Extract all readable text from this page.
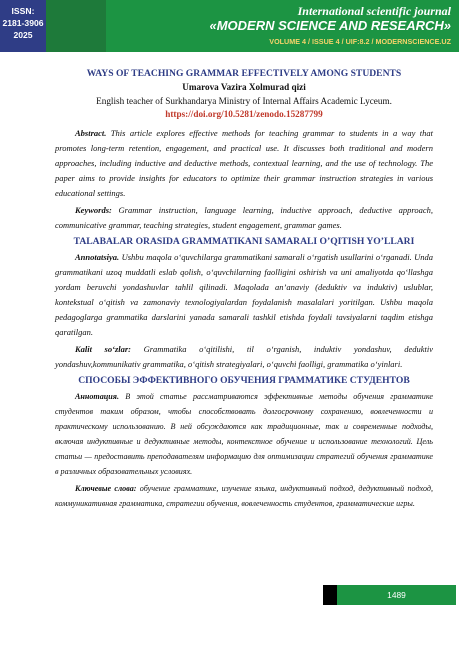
ISSN:
2181-3906
2025
International scientific journal
«MODERN SCIENCE AND RESEARCH»
VOLUME 4 / ISSUE 4 / UIF:8.2 / MODERNSCIENCE.UZ
WAYS OF TEACHING GRAMMAR EFFECTIVELY AMONG STUDENTS
Umarova Vazira Xolmurad qizi
English teacher of Surkhandarya Ministry of Internal Affairs Academic Lyceum.
https://doi.org/10.5281/zenodo.15287799

Abstract. This article explores effective methods for teaching grammar to students in a way that promotes long-term retention, engagement, and practical use. It discusses both traditional and modern approaches, including inductive and deductive methods, contextual learning, and the use of technology. The paper aims to provide insights for educators to optimize their grammar instruction strategies in various educational settings.

Keywords: Grammar instruction, language learning, inductive approach, deductive approach, communicative grammar, teaching strategies, student engagement, grammar games.

TALABALAR ORASIDA GRAMMATIKANI SAMARALI O’QITISH YO’LLARI

Annotatsiya. Ushbu maqola o‘quvchilarga grammatikani samarali o‘rgatish usullarini o‘rganadi. Unda grammatikani uzoq muddatli eslab qolish, o‘quvchilarning faolligini oshirish va uni amaliyotda qo‘llashga yordam beruvchi yondashuvlar tahlil qilinadi. Maqolada an’anaviy (deduktiv va induktiv) uslublar, kontekstual o‘qitish va zamonaviy texnologiyalardan foydalanish masalalari yoritilgan. Ushbu maqola pedagoglarga grammatika darslarini yanada samarali tashkil etishda foydali tavsiyalarni taqdim etishga qaratilgan.

Kalit so‘zlar: Grammatika o‘qitilishi, til o‘rganish, induktiv yondashuv, deduktiv yondashuv,kommunikativ grammatika, o‘qitish strategiyalari, o‘quvchi faolligi, grammatika o‘yinlari.

СПОСОБЫ ЭФФЕКТИВНОГО ОБУЧЕНИЯ ГРАММАТИКЕ СТУДЕНТОВ

Аннотация. В этой статье рассматриваются эффективные методы обучения грамматике студентов таким образом, чтобы способствовать долгосрочному сохранению, вовлеченности и практическому использованию. В ней обсуждаются как традиционные, так и современные подходы, включая индуктивные и дедуктивные методы, контекстное обучение и использование технологий. Цель статьи — предоставить преподавателям информацию для оптимизации стратегий обучения грамматике в различных образовательных условиях.

Ключевые слова: обучение грамматике, изучение языка, индуктивный подход, дедуктивный подход, коммуникативная грамматика, стратегии обучения, вовлеченность студентов, грамматические игры.

1489
